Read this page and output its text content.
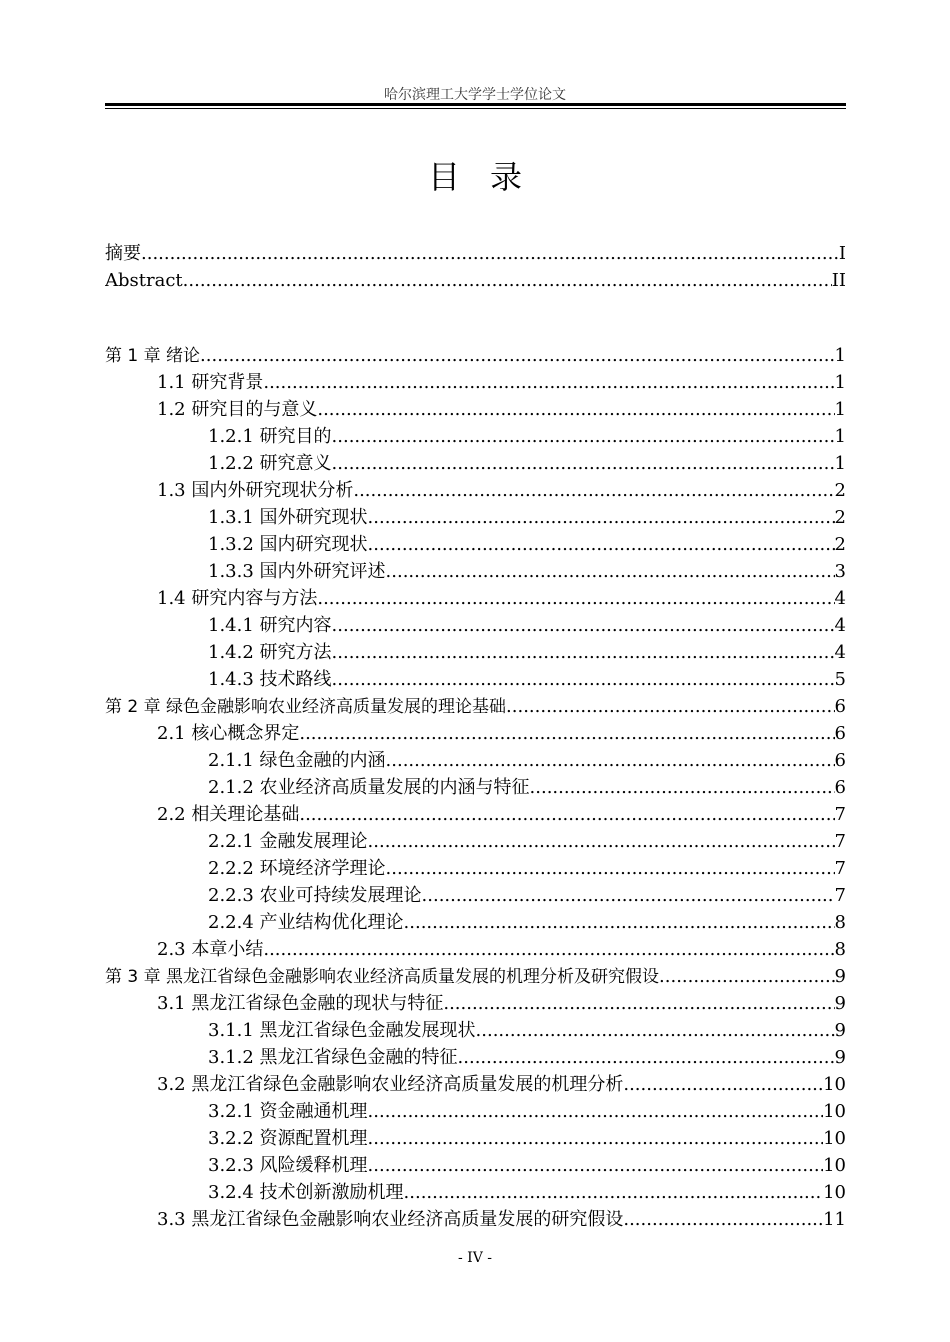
哈尔滨理工大学学士学位论文
目录
摘要 .....	I
Abstract .....	II
第 1 章 绪论 .....	1
1.1 研究背景 .....	1
1.2 研究目的与意义 .....	1
1.2.1 研究目的 .....	1
1.2.2 研究意义 .....	1
1.3 国内外研究现状分析 .....	2
1.3.1 国外研究现状 .....	2
1.3.2 国内研究现状 .....	2
1.3.3 国内外研究评述 .....	3
1.4 研究内容与方法 .....	4
1.4.1 研究内容 .....	4
1.4.2 研究方法 .....	4
1.4.3 技术路线 .....	5
第 2 章 绿色金融影响农业经济高质量发展的理论基础 .....	6
2.1 核心概念界定 .....	6
2.1.1 绿色金融的内涵 .....	6
2.1.2 农业经济高质量发展的内涵与特征 .....	6
2.2 相关理论基础 .....	7
2.2.1 金融发展理论 .....	7
2.2.2 环境经济学理论 .....	7
2.2.3 农业可持续发展理论 .....	7
2.2.4 产业结构优化理论 .....	8
2.3 本章小结 .....	8
第 3 章 黑龙江省绿色金融影响农业经济高质量发展的机理分析及研究假设 .....	9
3.1 黑龙江省绿色金融的现状与特征 .....	9
3.1.1 黑龙江省绿色金融发展现状 .....	9
3.1.2 黑龙江省绿色金融的特征 .....	9
3.2 黑龙江省绿色金融影响农业经济高质量发展的机理分析 .....	10
3.2.1 资金融通机理 .....	10
3.2.2 资源配置机理 .....	10
3.2.3 风险缓释机理 .....	10
3.2.4 技术创新激励机理 .....	10
3.3 黑龙江省绿色金融影响农业经济高质量发展的研究假设 .....	11
- IV -
